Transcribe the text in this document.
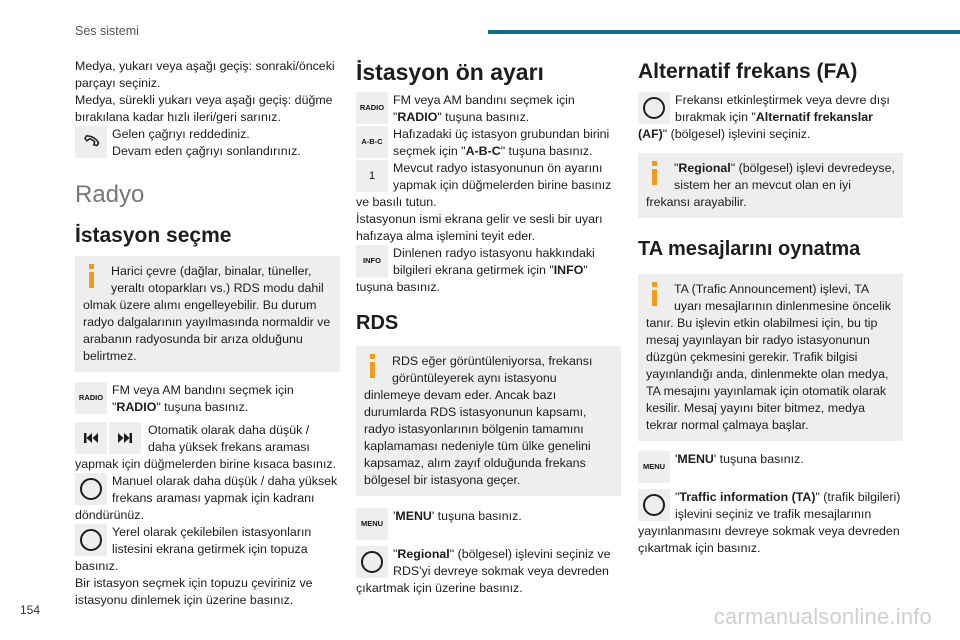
Ses sistemi

Medya, yukarı veya aşağı geçiş: sonraki/önceki parçayı seçiniz.

Medya, sürekli yukarı veya aşağı geçiş: düğme bırakılana kadar hızlı ileri/geri sarınız.

Gelen çağrıyı reddediniz.
Devam eden çağrıyı sonlandırınız.
Radyo
İstasyon seçme
Harici çevre (dağlar, binalar, tüneller, yeraltı otoparkları vs.) RDS modu dahil olmak üzere alımı engelleyebilir. Bu durum radyo dalgalarının yayılmasında normaldir ve arabanın radyosunda bir arıza olduğunu belirtmez.
RADIO
FM veya AM bandını seçmek için "RADIO" tuşuna basınız.
Otomatik olarak daha düşük / daha yüksek frekans araması yapmak için düğmelerden birine kısaca basınız.
Manuel olarak daha düşük / daha yüksek frekans araması yapmak için kadranı döndürünüz.
Yerel olarak çekilebilen istasyonların listesini ekrana getirmek için topuza basınız.

Bir istasyon seçmek için topuzu çeviriniz ve istasyonu dinlemek için üzerine basınız.

İstasyon ön ayarı
RADIO
FM veya AM bandını seçmek için "RADIO" tuşuna basınız.
A-B-C
Hafızadaki üç istasyon grubundan birini seçmek için "A-B-C" tuşuna basınız.
1
Mevcut radyo istasyonunun ön ayarını yapmak için düğmelerden birine basınız ve basılı tutun.

İstasyonun ismi ekrana gelir ve sesli bir uyarı hafızaya alma işlemini teyit eder.

INFO
Dinlenen radyo istasyonu hakkındaki bilgileri ekrana getirmek için "INFO" tuşuna basınız.
RDS
RDS eğer görüntüleniyorsa, frekansı görüntüleyerek aynı istasyonu dinlemeye devam eder. Ancak bazı durumlarda RDS istasyonunun kapsamı, radyo istasyonlarının bölgenin tamamını kaplamaması nedeniyle tüm ülke genelini kapsamaz, alım zayıf olduğunda frekans bölgesel bir istasyona geçer.
MENU
'MENU' tuşuna basınız.
"Regional" (bölgesel) işlevini seçiniz ve RDS'yi devreye sokmak veya devreden çıkartmak için üzerine basınız.
Alternatif frekans (FA)
Frekansı etkinleştirmek veya devre dışı bırakmak için "Alternatif frekanslar (AF)" (bölgesel) işlevini seçiniz.
"Regional" (bölgesel) işlevi devredeyse, sistem her an mevcut olan en iyi frekansı arayabilir.
TA mesajlarını oynatma
TA (Trafic Announcement) işlevi, TA uyarı mesajlarının dinlenmesine öncelik tanır. Bu işlevin etkin olabilmesi için, bu tip mesaj yayınlayan bir radyo istasyonunun düzgün çekmesini gerekir. Trafik bilgisi yayınlandığı anda, dinlenmekte olan medya, TA mesajını yayınlamak için otomatik olarak kesilir. Mesaj yayını biter bitmez, medya tekrar normal çalmaya başlar.
MENU
'MENU' tuşuna basınız.
"Traffic information (TA)" (trafik bilgileri) işlevini seçiniz ve trafik mesajlarının yayınlanmasını devreye sokmak veya devreden çıkartmak için basınız.
154	carmanualsonline.info
